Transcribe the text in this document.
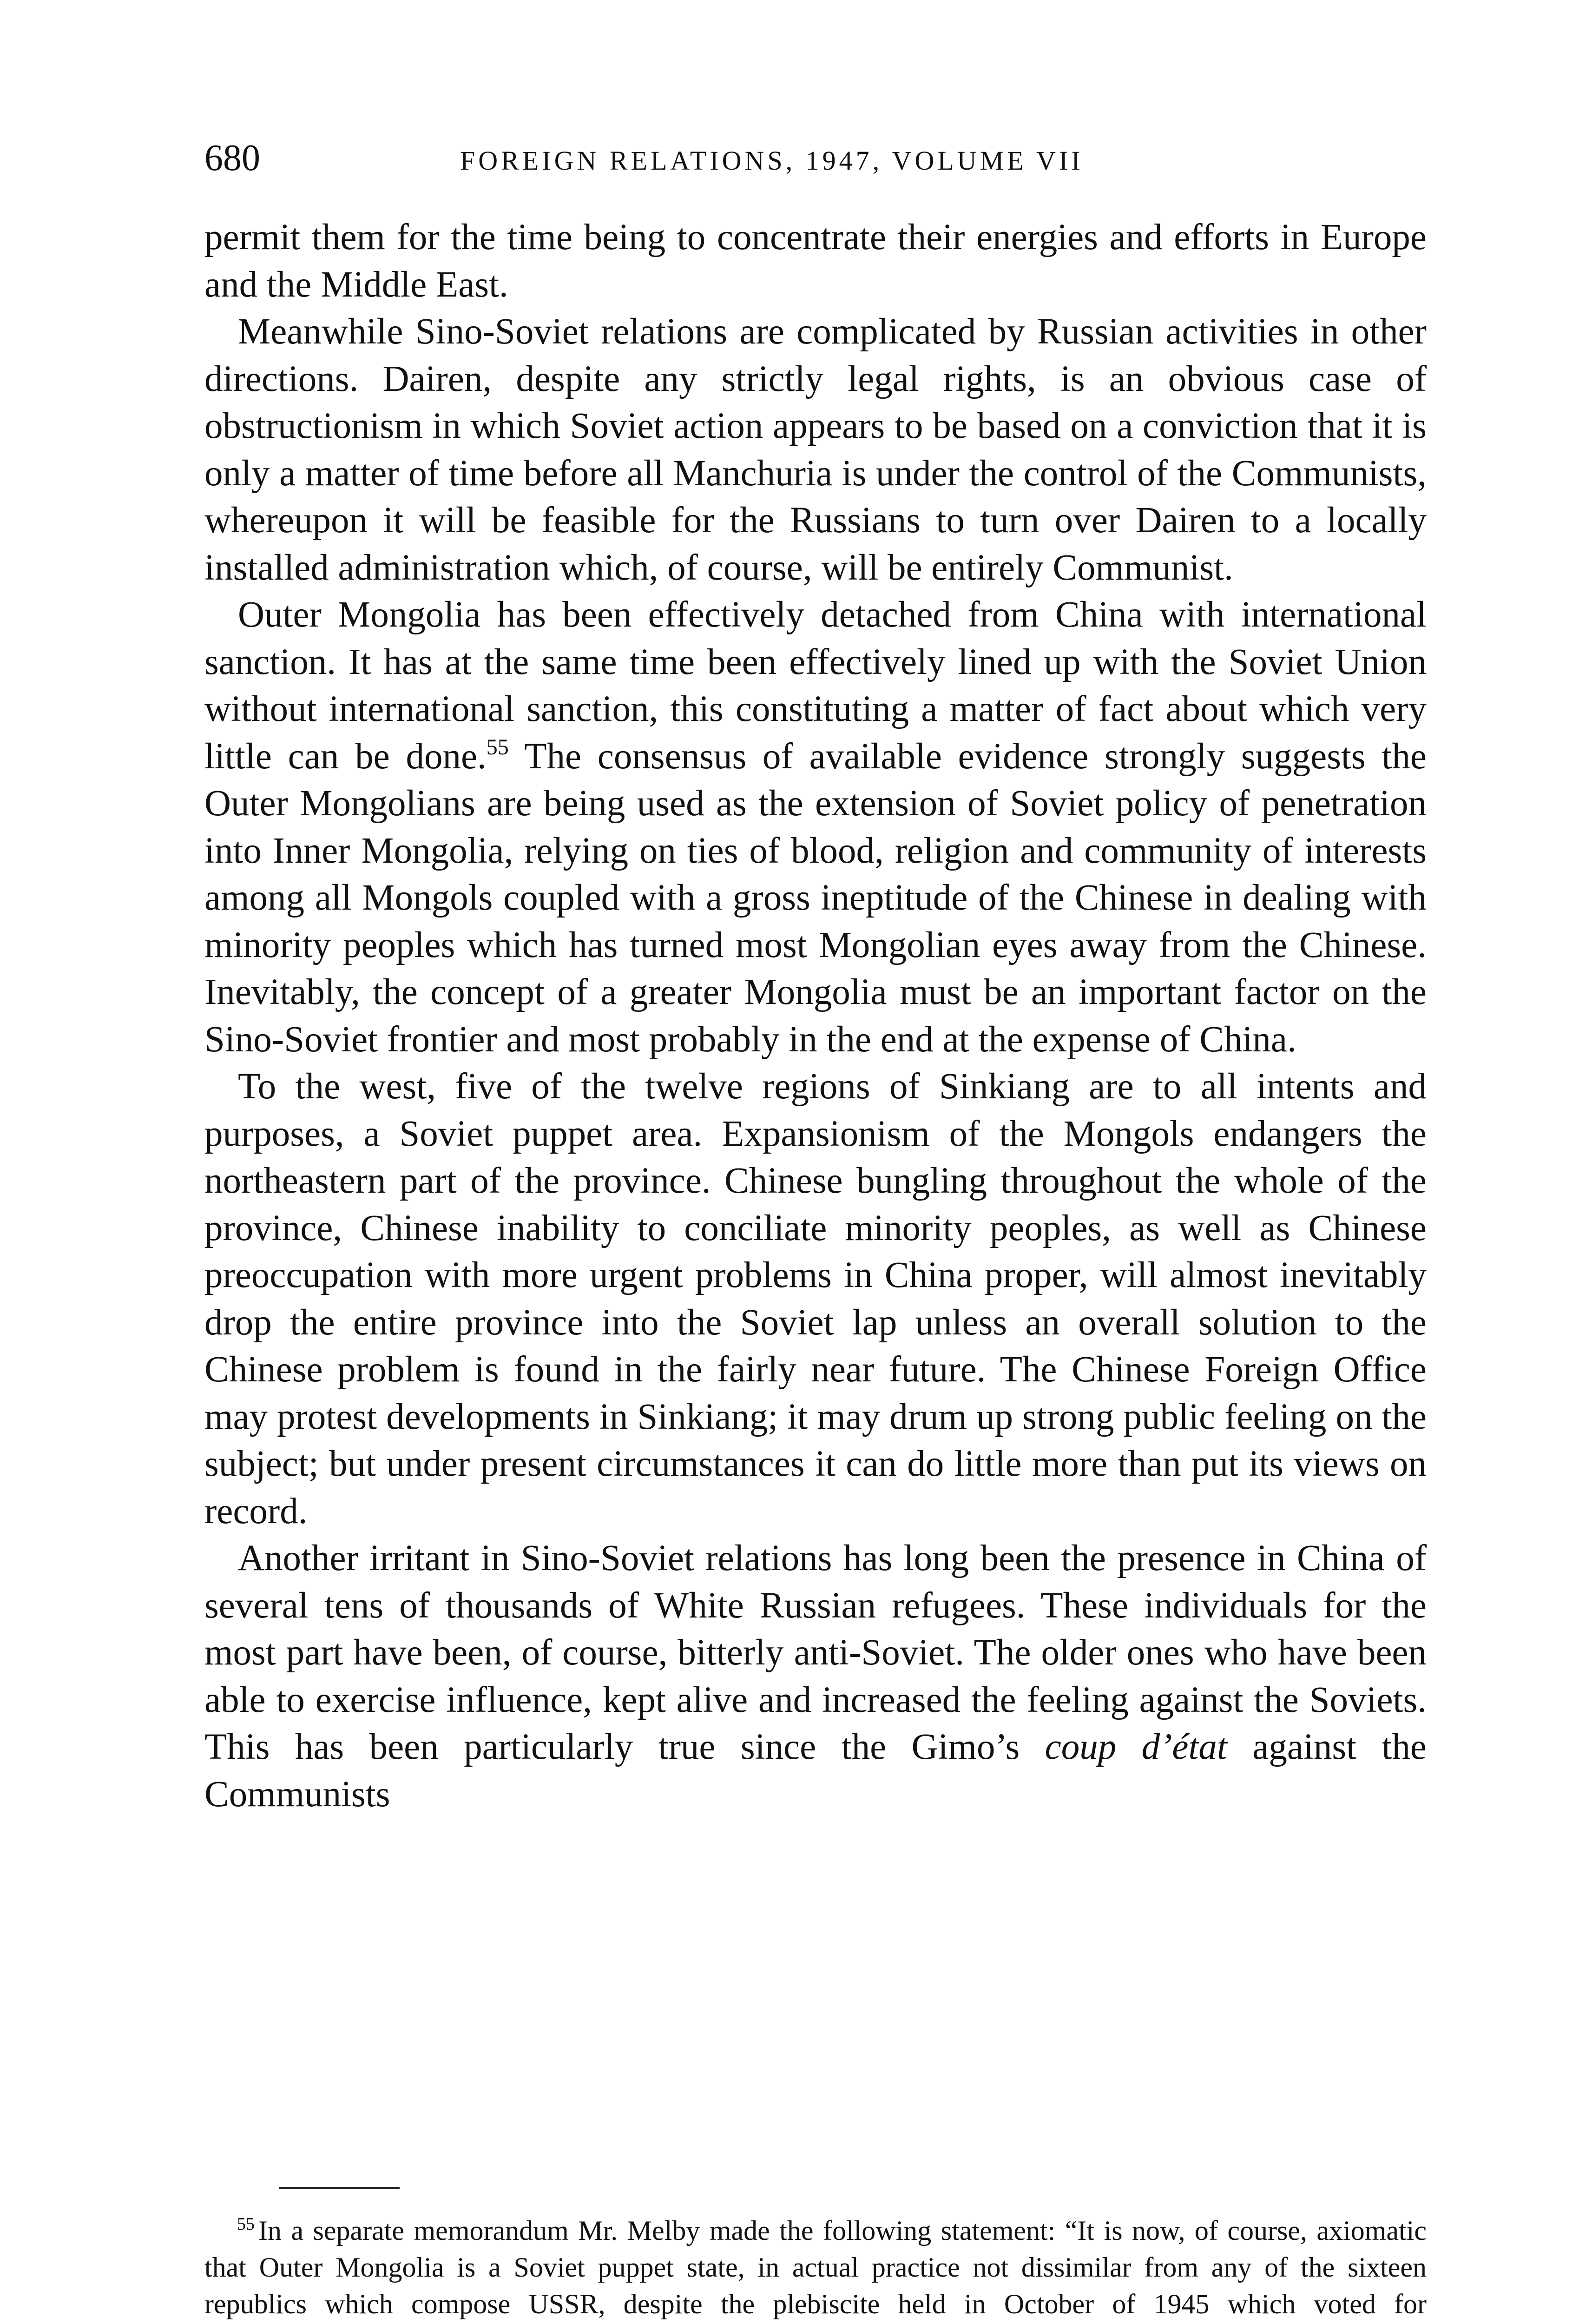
680	FOREIGN RELATIONS, 1947, VOLUME VII

permit them for the time being to concentrate their energies and efforts in Europe and the Middle East.

Meanwhile Sino-Soviet relations are complicated by Russian activities in other directions. Dairen, despite any strictly legal rights, is an obvious case of obstructionism in which Soviet action appears to be based on a conviction that it is only a matter of time before all Manchuria is under the control of the Communists, whereupon it will be feasible for the Russians to turn over Dairen to a locally installed administration which, of course, will be entirely Communist.

Outer Mongolia has been effectively detached from China with international sanction. It has at the same time been effectively lined up with the Soviet Union without international sanction, this constituting a matter of fact about which very little can be done.$^{55}$ The consensus of available evidence strongly suggests the Outer Mongolians are being used as the extension of Soviet policy of penetration into Inner Mongolia, relying on ties of blood, religion and community of interests among all Mongols coupled with a gross ineptitude of the Chinese in dealing with minority peoples which has turned most Mongolian eyes away from the Chinese. Inevitably, the concept of a greater Mongolia must be an important factor on the Sino-Soviet frontier and most probably in the end at the expense of China.

To the west, five of the twelve regions of Sinkiang are to all intents and purposes, a Soviet puppet area. Expansionism of the Mongols endangers the northeastern part of the province. Chinese bungling throughout the whole of the province, Chinese inability to conciliate minority peoples, as well as Chinese preoccupation with more urgent problems in China proper, will almost inevitably drop the entire province into the Soviet lap unless an overall solution to the Chinese problem is found in the fairly near future. The Chinese Foreign Office may protest developments in Sinkiang; it may drum up strong public feeling on the subject; but under present circumstances it can do little more than put its views on record.

Another irritant in Sino-Soviet relations has long been the presence in China of several tens of thousands of White Russian refugees. These individuals for the most part have been, of course, bitterly anti-Soviet. The older ones who have been able to exercise influence, kept alive and increased the feeling against the Soviets. This has been particularly true since the Gimo’s coup d’état against the Communists

$^{55}$ In a separate memorandum Mr. Melby made the following statement: “It is now, of course, axiomatic that Outer Mongolia is a Soviet puppet state, in actual practice not dissimilar from any of the sixteen republics which compose USSR, despite the plebiscite held in October of 1945 which voted for
